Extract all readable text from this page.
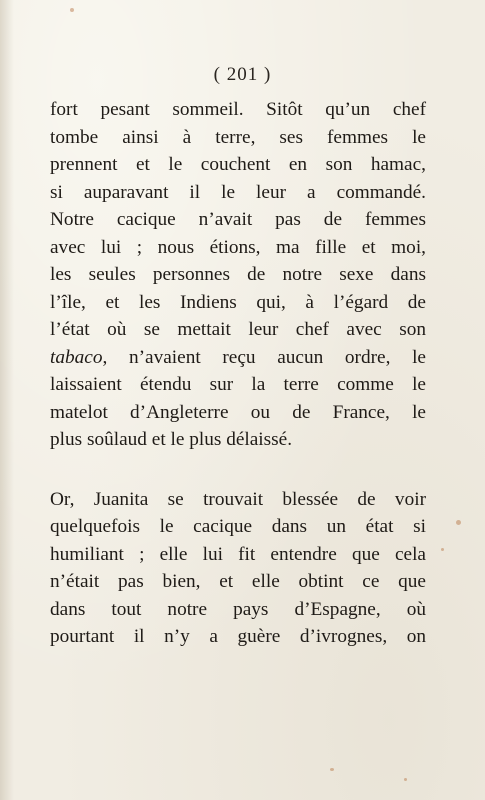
( 201 )
fort pesant sommeil. Sitôt qu’un chef
tombe ainsi à terre, ses femmes le
prennent et le couchent en son hamac,
si auparavant il le leur a commandé.
Notre cacique n’avait pas de femmes
avec lui ; nous étions, ma fille et moi,
les seules personnes de notre sexe dans
l’île, et les Indiens qui, à l’égard de
l’état où se mettait leur chef avec son
tabaco, n’avaient reçu aucun ordre, le
laissaient étendu sur la terre comme le
matelot d’Angleterre ou de France, le
plus soûlaud et le plus délaissé.
Or, Juanita se trouvait blessée de voir
quelquefois le cacique dans un état si
humiliant ; elle lui fit entendre que cela
n’était pas bien, et elle obtint ce que
dans tout notre pays d’Espagne, où
pourtant il n’y a guère d’ivrognes, on
